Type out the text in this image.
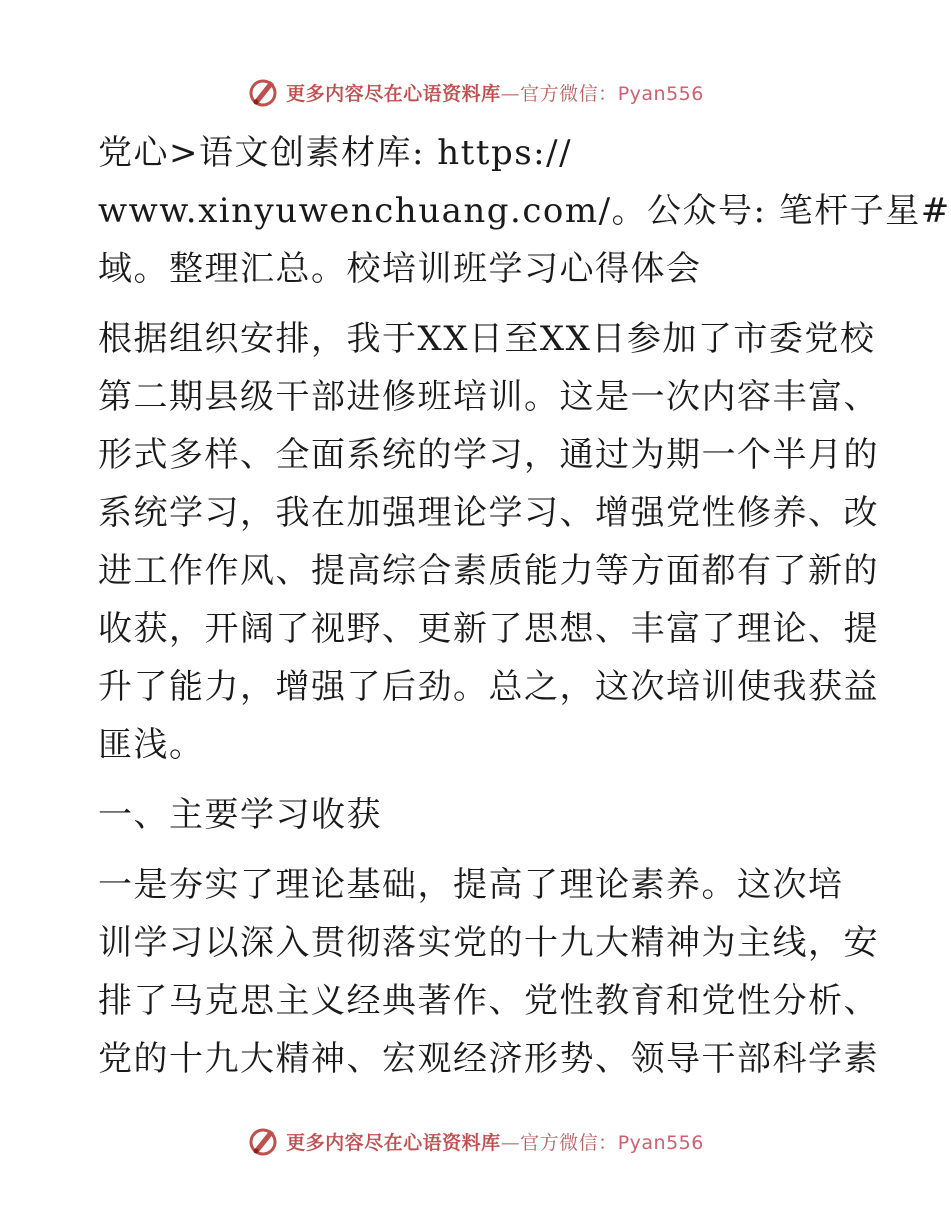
更多内容尽在心语资料库—官方微信：Pyan556
党心>语文创素材库: https://
www.xinyuwenchuang.com/。公众号: 笔杆子星#
域。整理汇总。校培训班学习心得体会
根据组织安排，我于XX日至XX日参加了市委党校
第二期县级干部进修班培训。这是一次内容丰富、
形式多样、全面系统的学习，通过为期一个半月的
系统学习，我在加强理论学习、增强党性修养、改
进工作作风、提高综合素质能力等方面都有了新的
收获，开阔了视野、更新了思想、丰富了理论、提
升了能力，增强了后劲。总之，这次培训使我获益
匪浅。
一、主要学习收获
一是夯实了理论基础，提高了理论素养。这次培
训学习以深入贯彻落实党的十九大精神为主线，安
排了马克思主义经典著作、党性教育和党性分析、
党的十九大精神、宏观经济形势、领导干部科学素
更多内容尽在心语资料库—官方微信：Pyan556
